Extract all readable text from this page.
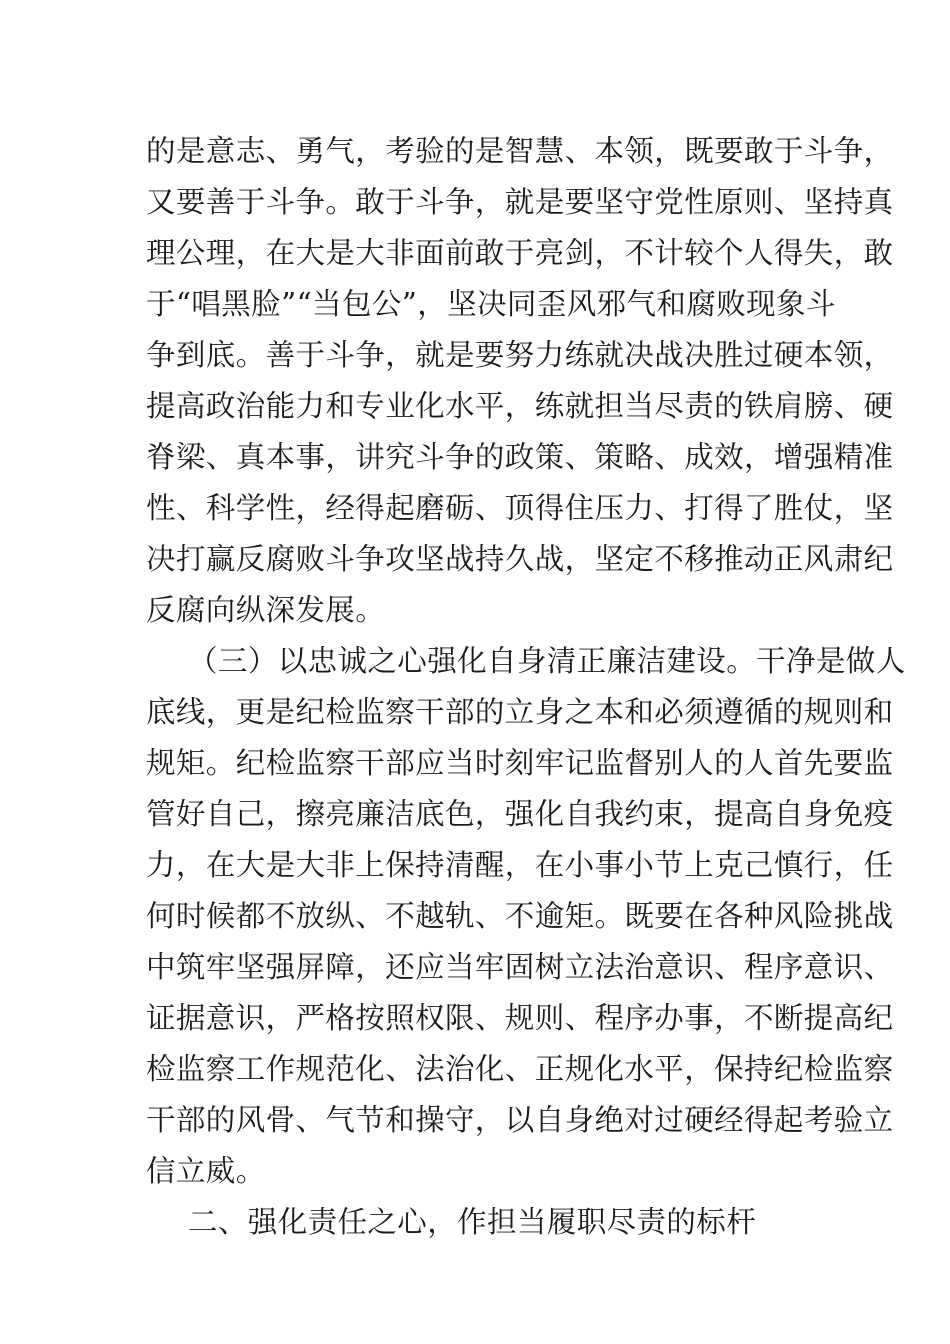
的是意志、勇气，考验的是智慧、本领，既要敢于斗争，
又要善于斗争。敢于斗争，就是要坚守党性原则、坚持真
理公理，在大是大非面前敢于亮剑，不计较个人得失，敢
于“唱黑脸”“当包公”，坚决同歪风邪气和腐败现象斗
争到底。善于斗争，就是要努力练就决战决胜过硬本领，
提高政治能力和专业化水平，练就担当尽责的铁肩膀、硬
脊梁、真本事，讲究斗争的政策、策略、成效，增强精准
性、科学性，经得起磨砺、顶得住压力、打得了胜仗，坚
决打赢反腐败斗争攻坚战持久战，坚定不移推动正风肃纪
反腐向纵深发展。
（三）以忠诚之心强化自身清正廉洁建设。干净是做人
底线，更是纪检监察干部的立身之本和必须遵循的规则和
规矩。纪检监察干部应当时刻牢记监督别人的人首先要监
管好自己，擦亮廉洁底色，强化自我约束，提高自身免疫
力，在大是大非上保持清醒，在小事小节上克己慎行，任
何时候都不放纵、不越轨、不逾矩。既要在各种风险挑战
中筑牢坚强屏障，还应当牢固树立法治意识、程序意识、
证据意识，严格按照权限、规则、程序办事，不断提高纪
检监察工作规范化、法治化、正规化水平，保持纪检监察
干部的风骨、气节和操守，以自身绝对过硬经得起考验立
信立威。
二、强化责任之心，作担当履职尽责的标杆
